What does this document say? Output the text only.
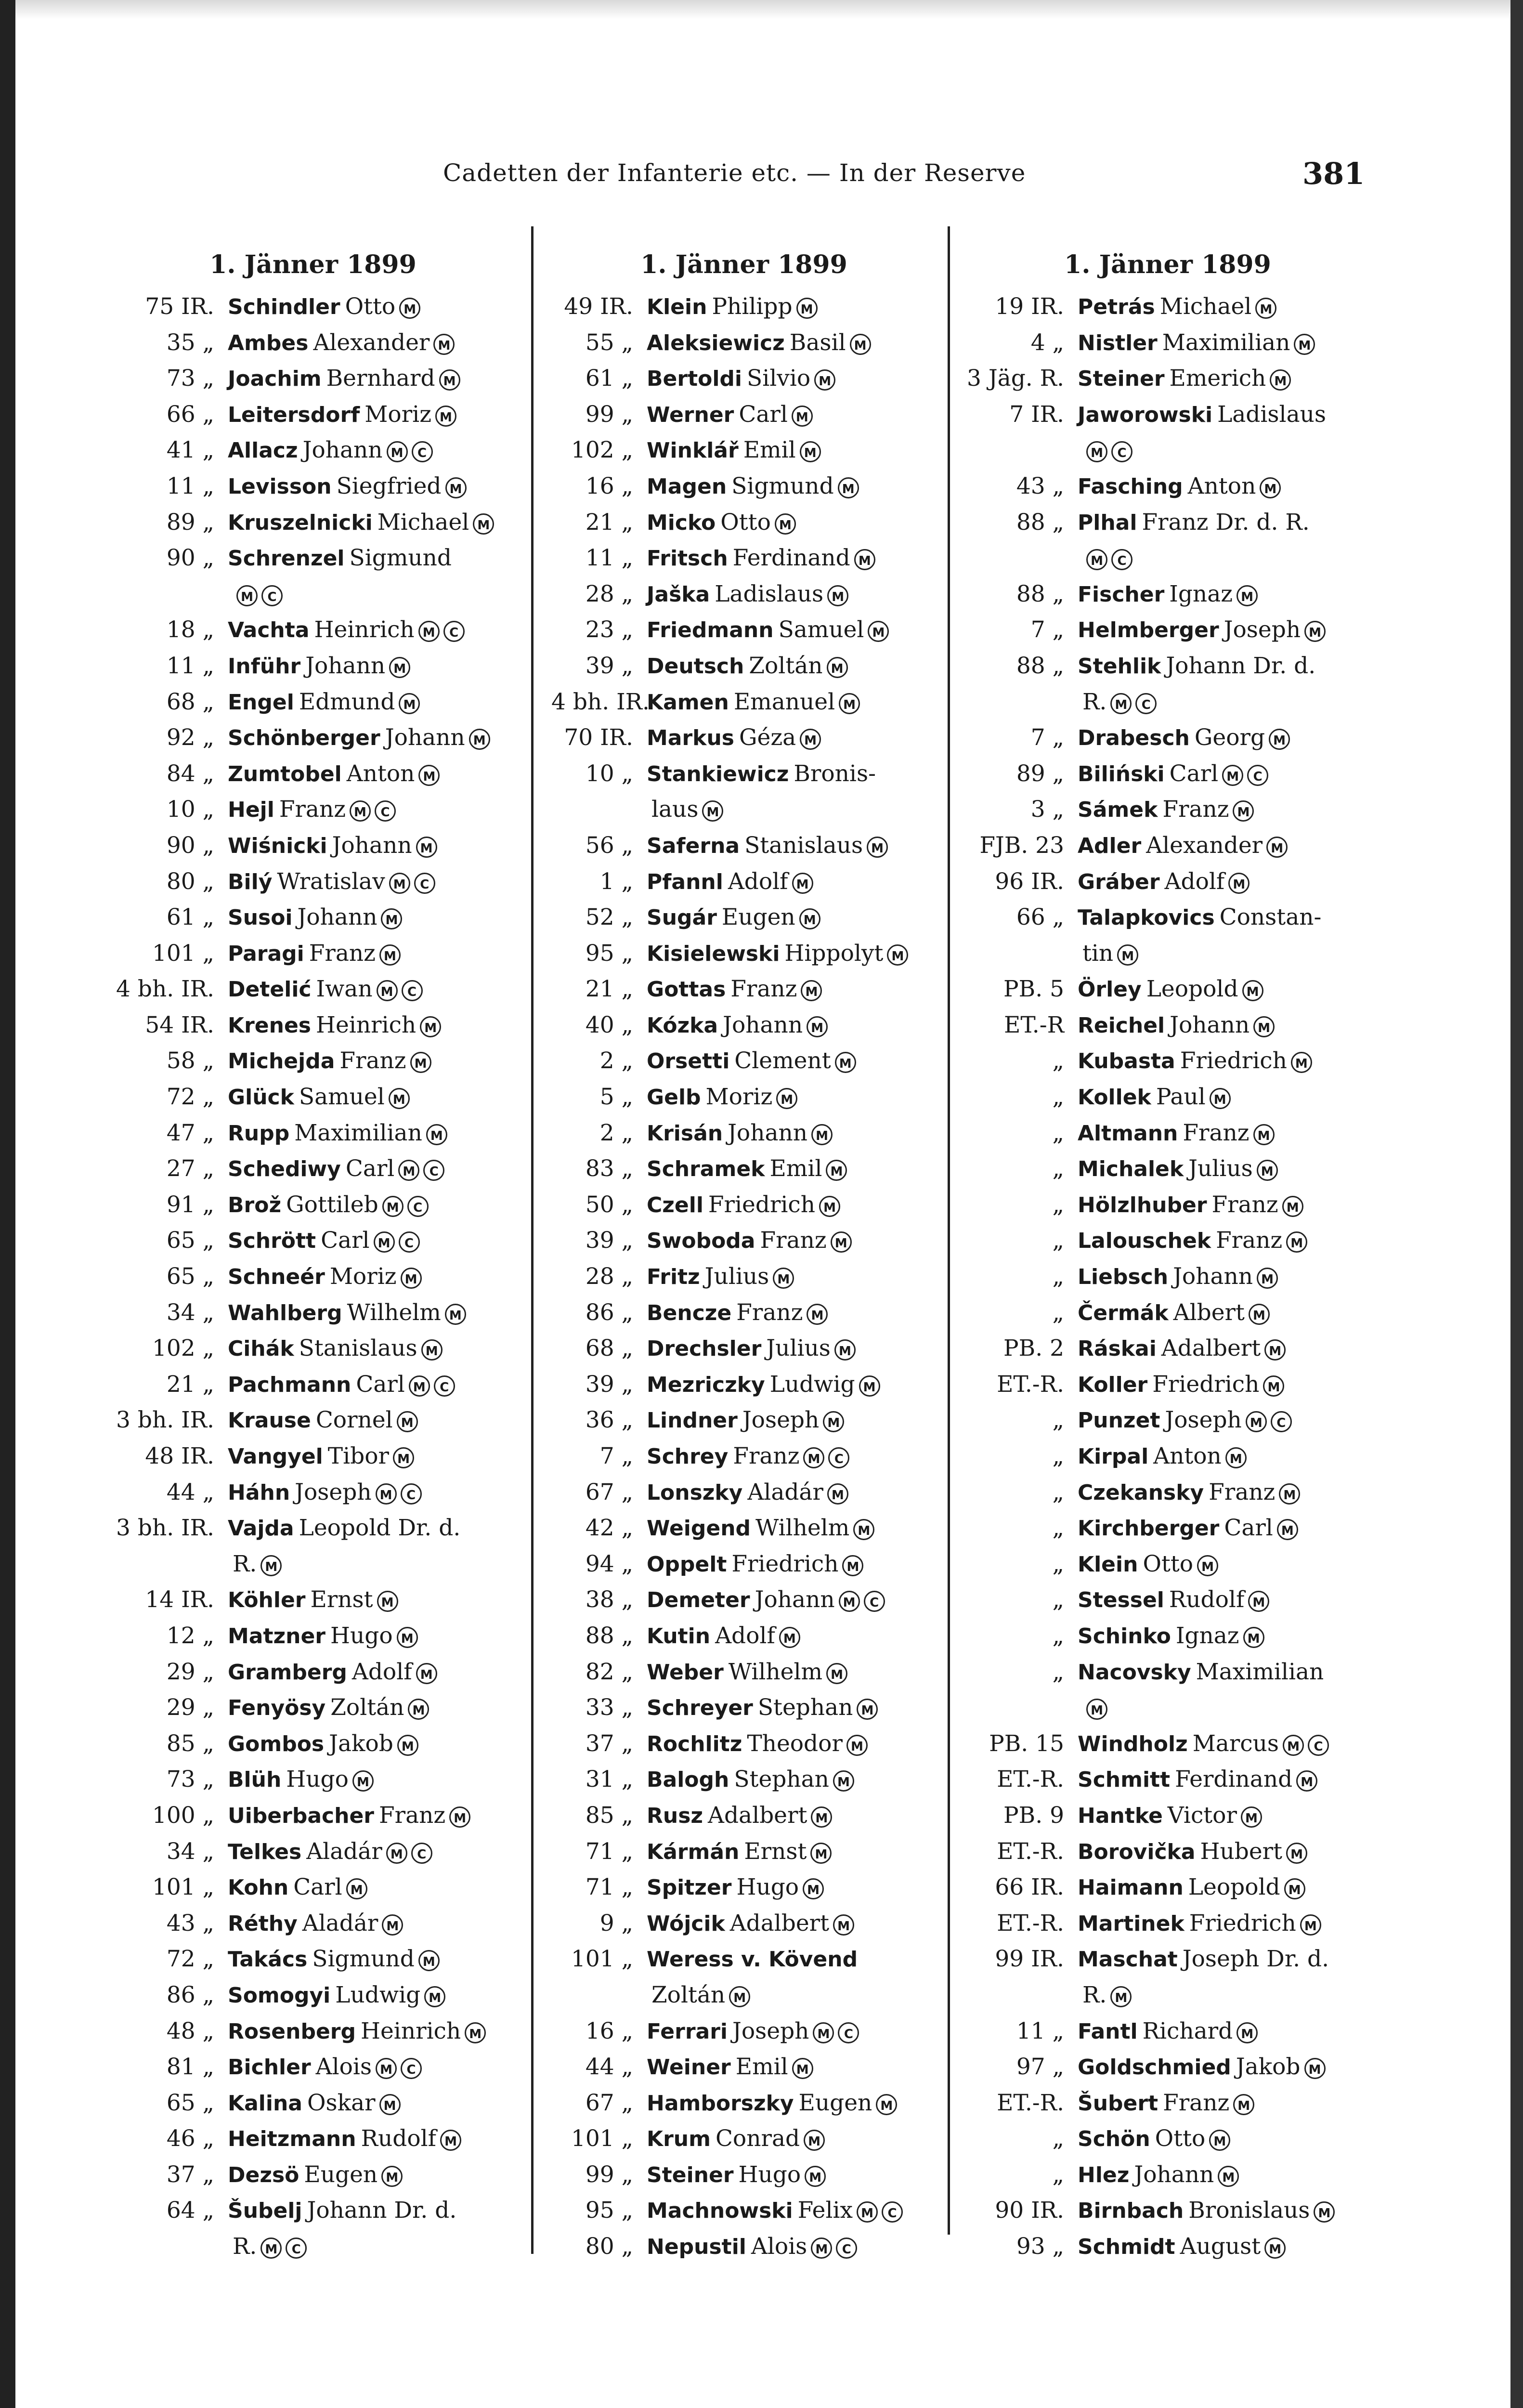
Cadetten der Infanterie etc. — In der Reserve	381
1. Jänner 1899
75 IR. Schindler Otto M
35 „ Ambes Alexander M
73 „ Joachim Bernhard M
66 „ Leitersdorf Moriz M
41 „ Allacz Johann M C
11 „ Levisson Siegfried M
89 „ Kruszelnicki Michael M
90 „ Schrenzel Sigmund
M C
18 „ Vachta Heinrich M C
11 „ Inführ Johann M
68 „ Engel Edmund M
92 „ Schönberger Johann M
84 „ Zumtobel Anton M
10 „ Hejl Franz M C
90 „ Wiśnicki Johann M
80 „ Bilý Wratislav M C
61 „ Susoi Johann M
101 „ Paragi Franz M
4 bh. IR. Detelić Iwan M C
54 IR. Krenes Heinrich M
58 „ Michejda Franz M
72 „ Glück Samuel M
47 „ Rupp Maximilian M
27 „ Schediwy Carl M C
91 „ Brož Gottileb M C
65 „ Schrött Carl M C
65 „ Schneér Moriz M
34 „ Wahlberg Wilhelm M
102 „ Cihák Stanislaus M
21 „ Pachmann Carl M C
3 bh. IR. Krause Cornel M
48 IR. Vangyel Tibor M
44 „ Háhn Joseph M C
3 bh. IR. Vajda Leopold Dr. d.
R. M
14 IR. Köhler Ernst M
12 „ Matzner Hugo M
29 „ Gramberg Adolf M
29 „ Fenyösy Zoltán M
85 „ Gombos Jakob M
73 „ Blüh Hugo M
100 „ Uiberbacher Franz M
34 „ Telkes Aladár M C
101 „ Kohn Carl M
43 „ Réthy Aladár M
72 „ Takács Sigmund M
86 „ Somogyi Ludwig M
48 „ Rosenberg Heinrich M
81 „ Bichler Alois M C
65 „ Kalina Oskar M
46 „ Heitzmann Rudolf M
37 „ Dezsö Eugen M
64 „ Šubelj Johann Dr. d.
R. M C
1. Jänner 1899
49 IR. Klein Philipp M
55 „ Aleksiewicz Basil M
61 „ Bertoldi Silvio M
99 „ Werner Carl M
102 „ Winklář Emil M
16 „ Magen Sigmund M
21 „ Micko Otto M
11 „ Fritsch Ferdinand M
28 „ Jaška Ladislaus M
23 „ Friedmann Samuel M
39 „ Deutsch Zoltán M
4 bh. IR.
Kamen Emanuel M
70 IR. Markus Géza M
10 „ Stankiewicz Bronis-
laus M
56 „ Saferna Stanislaus M
1 „ Pfannl Adolf M
52 „ Sugár Eugen M
95 „ Kisielewski Hippolyt M
21 „ Gottas Franz M
40 „ Kózka Johann M
2 „ Orsetti Clement M
5 „ Gelb Moriz M
2 „ Krisán Johann M
83 „ Schramek Emil M
50 „ Czell Friedrich M
39 „ Swoboda Franz M
28 „ Fritz Julius M
86 „ Bencze Franz M
68 „ Drechsler Julius M
39 „ Mezriczky Ludwig M
36 „ Lindner Joseph M
7 „ Schrey Franz M C
67 „ Lonszky Aladár M
42 „ Weigend Wilhelm M
94 „ Oppelt Friedrich M
38 „ Demeter Johann M C
88 „ Kutin Adolf M
82 „ Weber Wilhelm M
33 „ Schreyer Stephan M
37 „ Rochlitz Theodor M
31 „ Balogh Stephan M
85 „ Rusz Adalbert M
71 „ Kármán Ernst M
71 „ Spitzer Hugo M
9 „ Wójcik Adalbert M
101 „ Weress v. Kövend
Zoltán M
16 „ Ferrari Joseph M C
44 „ Weiner Emil M
67 „ Hamborszky Eugen M
101 „ Krum Conrad M
99 „ Steiner Hugo M
95 „ Machnowski Felix M C
80 „ Nepustil Alois M C
1. Jänner 1899
19 IR. Petrás Michael M
4 „ Nistler Maximilian M
3 Jäg. R. Steiner Emerich M
7 IR. Jaworowski Ladislaus
M C
43 „ Fasching Anton M
88 „ Plhal Franz Dr. d. R.
M C
88 „ Fischer Ignaz M
7 „ Helmberger Joseph M
88 „ Stehlik Johann Dr. d.
R. M C
7 „ Drabesch Georg M
89 „ Biliński Carl M C
3 „ Sámek Franz M
FJB. 23 Adler Alexander M
96 IR. Gráber Adolf M
66 „ Talapkovics Constan-
tin M
PB. 5 Örley Leopold M
ET.-R Reichel Johann M
„ Kubasta Friedrich M
„ Kollek Paul M
„ Altmann Franz M
„ Michalek Julius M
„ Hölzlhuber Franz M
„ Lalouschek Franz M
„ Liebsch Johann M
„ Čermák Albert M
PB. 2 Ráskai Adalbert M
ET.-R. Koller Friedrich M
„ Punzet Joseph M C
„ Kirpal Anton M
„ Czekansky Franz M
„ Kirchberger Carl M
„ Klein Otto M
„ Stessel Rudolf M
„ Schinko Ignaz M
„ Nacovsky Maximilian
M
PB. 15 Windholz Marcus M C
ET.-R. Schmitt Ferdinand M
PB. 9 Hantke Victor M
ET.-R. Borovička Hubert M
66 IR. Haimann Leopold M
ET.-R. Martinek Friedrich M
99 IR. Maschat Joseph Dr. d.
R. M
11 „ Fantl Richard M
97 „ Goldschmied Jakob M
ET.-R. Šubert Franz M
„ Schön Otto M
„ Hlez Johann M
90 IR. Birnbach Bronislaus M
93 „ Schmidt August M
